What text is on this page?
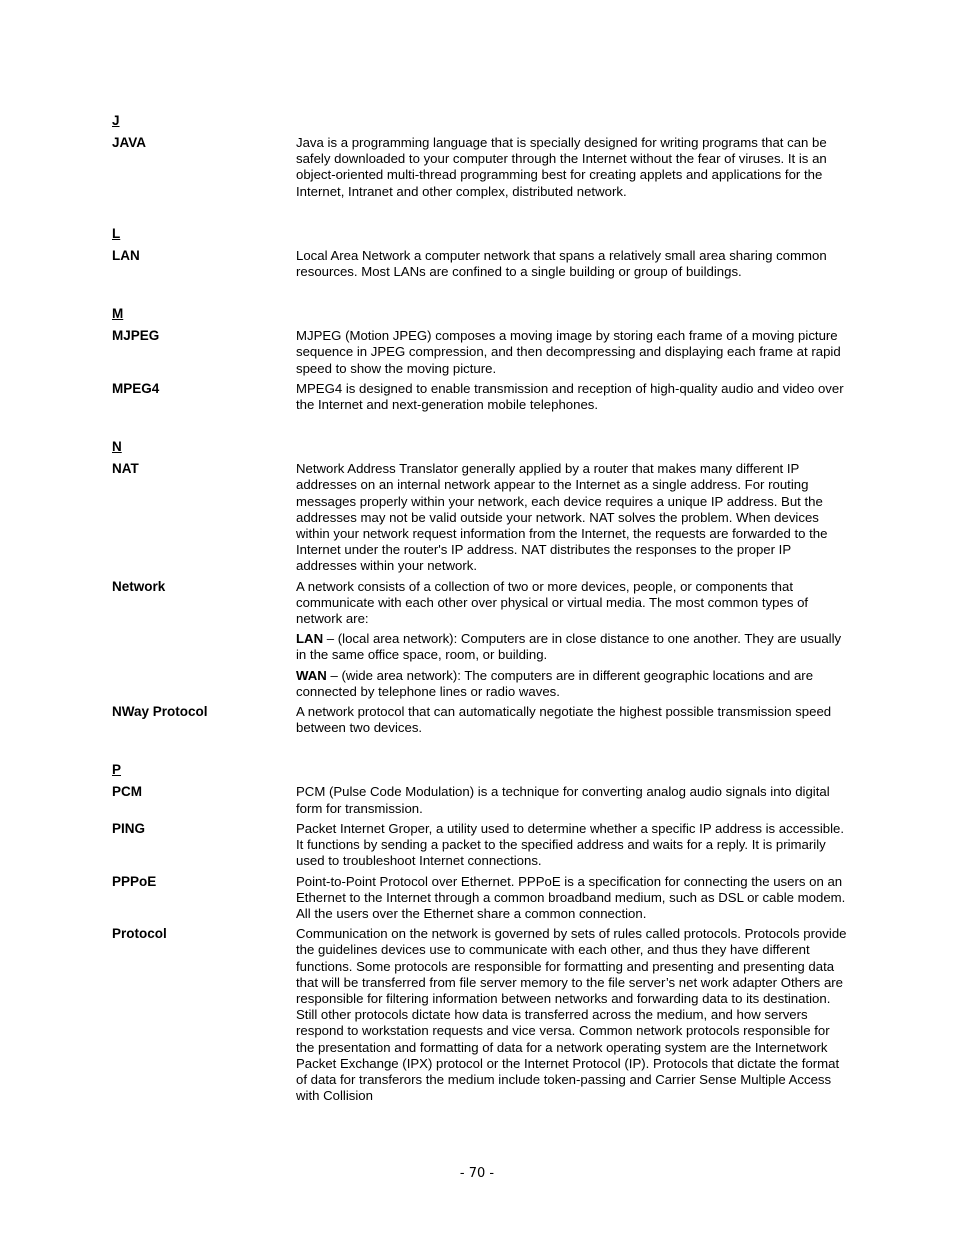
J
JAVA	Java is a programming language that is specially designed for writing programs that can be safely downloaded to your computer through the Internet without the fear of viruses. It is an object-oriented multi-thread programming best for creating applets and applications for the Internet, Intranet and other complex, distributed network.

L
LAN	Local Area Network a computer network that spans a relatively small area sharing common resources. Most LANs are confined to a single building or group of buildings.

M
MJPEG	MJPEG (Motion JPEG) composes a moving image by storing each frame of a moving picture sequence in JPEG compression, and then decompressing and displaying each frame at rapid speed to show the moving picture.

MPEG4	MPEG4 is designed to enable transmission and reception of high-quality audio and video over the Internet and next-generation mobile telephones.

N
NAT	Network Address Translator generally applied by a router that makes many different IP addresses on an internal network appear to the Internet as a single address. For routing messages properly within your network, each device requires a unique IP address. But the addresses may not be valid outside your network. NAT solves the problem. When devices within your network request information from the Internet, the requests are forwarded to the Internet under the router's IP address. NAT distributes the responses to the proper IP addresses within your network.

Network	A network consists of a collection of two or more devices, people, or components that communicate with each other over physical or virtual media. The most common types of network are:

LAN – (local area network): Computers are in close distance to one another. They are usually in the same office space, room, or building.

WAN – (wide area network): The computers are in different geographic locations and are connected by telephone lines or radio waves.

NWay Protocol	A network protocol that can automatically negotiate the highest possible transmission speed between two devices.

P
PCM	PCM (Pulse Code Modulation) is a technique for converting analog audio signals into digital form for transmission.

PING	Packet Internet Groper, a utility used to determine whether a specific IP address is accessible. It functions by sending a packet to the specified address and waits for a reply. It is primarily used to troubleshoot Internet connections.

PPPoE	Point-to-Point Protocol over Ethernet. PPPoE is a specification for connecting the users on an Ethernet to the Internet through a common broadband medium, such as DSL or cable modem. All the users over the Ethernet share a common connection.

Protocol	Communication on the network is governed by sets of rules called protocols. Protocols provide the guidelines devices use to communicate with each other, and thus they have different functions. Some protocols are responsible for formatting and presenting and presenting data that will be transferred from file server memory to the file server’s net work adapter Others are responsible for filtering information between networks and forwarding data to its destination. Still other protocols dictate how data is transferred across the medium, and how servers respond to workstation requests and vice versa. Common network protocols responsible for the presentation and formatting of data for a network operating system are the Internetwork Packet Exchange (IPX) protocol or the Internet Protocol (IP). Protocols that dictate the format of data for transferors the medium include token-passing and Carrier Sense Multiple Access with Collision

- 70 -
